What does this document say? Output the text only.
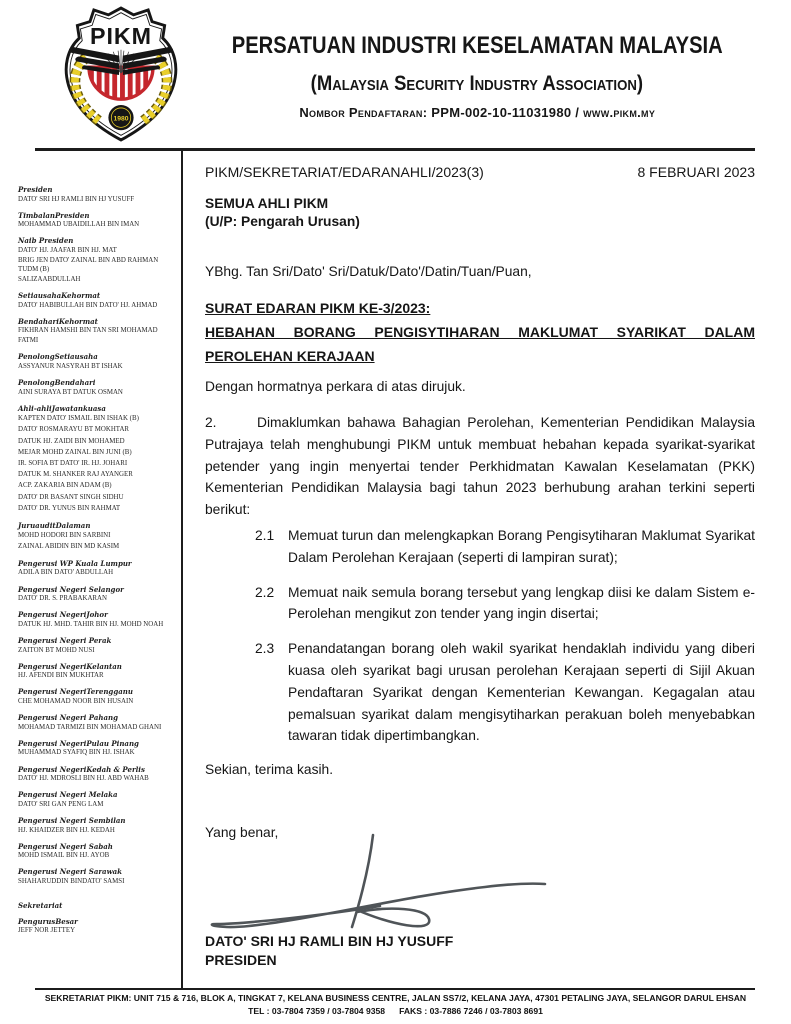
PIKM
1980
PERSATUAN INDUSTRI KESELAMATAN MALAYSIA
(Malaysia Security Industry Association)
Nombor Pendaftaran: PPM-002-10-11031980 / www.pikm.my
Presiden
DATO' SRI HJ RAMLI BIN HJ YUSUFF
TimbalanPresiden
MOHAMMAD UBAIDILLAH BIN IMAN
Naib Presiden
DATO' HJ. JAAFAR BIN HJ. MAT
BRIG JEN DATO' ZAINAL BIN ABD RAHMAN TUDM (B)
SALIZAABDULLAH
SetiausahaKehormat
DATO' HABIBULLAH BIN DATO' HJ. AHMAD
BendahariKehormat
FIKHRAN HAMSHI BIN TAN SRI MOHAMAD FATMI
PenolongSetiausaha
ASSYANUR NASYRAH BT ISHAK
PenolongBendahari
AINI SURAYA BT DATUK OSMAN
Ahli-ahliJawatankuasa
KAPTEN DATO' ISMAIL BIN ISHAK (B)
DATO' ROSMARAYU BT MOKHTAR
DATUK HJ. ZAIDI BIN MOHAMED
MEJAR MOHD ZAINAL BIN JUNI (B)
IR. SOFIA BT DATO' IR. HJ. JOHARI
DATUK M. SHANKER RAJ AYANGER
ACP. ZAKARIA BIN ADAM (B)
DATO' DR BASANT SINGH SIDHU
DATO' DR. YUNUS BIN RAHMAT
JuruauditDalaman
MOHD HODORI BIN SARBINI
ZAINAL ABIDIN BIN MD KASIM
Pengerusi WP Kuala Lumpur
ADILA BIN DATO' ABDULLAH
Pengerusi Negeri Selangor
DATO' DR. S. PRABAKARAN
Pengerusi NegeriJohor
DATUK HJ. MHD. TAHIR BIN HJ. MOHD NOAH
Pengerusi Negeri Perak
ZAITON BT MOHD NUSI
Pengerusi NegeriKelantan
HJ. AFENDI BIN MUKHTAR
Pengerusi NegeriTerengganu
CHE MOHAMAD NOOR BIN HUSAIN
Pengerusi Negeri Pahang
MOHAMAD TARMIZI BIN MOHAMAD GHANI
Pengerusi NegeriPulau Pinang
MUHAMMAD SYAFIQ BIN HJ. ISHAK
Pengerusi NegeriKedah & Perlis
DATO' HJ. MDROSLI BIN HJ. ABD WAHAB
Pengerusi Negeri Melaka
DATO' SRI GAN PENG LAM
Pengerusi Negeri Sembilan
HJ. KHAIDZER BIN HJ. KEDAH
Pengerusi Negeri Sabah
MOHD ISMAIL BIN HJ. AYOB
Pengerusi Negeri Sarawak
SHAHARUDDIN BINDATO' SAMSI
Sekretariat
PengurusBesar
JEFF NOR JETTEY
PIKM/SEKRETARIAT/EDARANAHLI/2023(3)	8 FEBRUARI 2023
SEMUA AHLI PIKM
(U/P: Pengarah Urusan)
YBhg. Tan Sri/Dato' Sri/Datuk/Dato'/Datin/Tuan/Puan,
SURAT EDARAN PIKM KE-3/2023:
HEBAHAN BORANG PENGISYTIHARAN MAKLUMAT SYARIKAT DALAM
PEROLEHAN KERAJAAN
Dengan hormatnya perkara di atas dirujuk.
2.	Dimaklumkan bahawa Bahagian Perolehan, Kementerian Pendidikan Malaysia Putrajaya telah menghubungi PIKM untuk membuat hebahan kepada syarikat-syarikat petender yang ingin menyertai tender Perkhidmatan Kawalan Keselamatan (PKK) Kementerian Pendidikan Malaysia bagi tahun 2023 berhubung arahan terkini seperti berikut:
2.1	Memuat turun dan melengkapkan Borang Pengisytiharan Maklumat Syarikat Dalam Perolehan Kerajaan (seperti di lampiran surat);
2.2	Memuat naik semula borang tersebut yang lengkap diisi ke dalam Sistem e-Perolehan mengikut zon tender yang ingin disertai;
2.3	Penandatangan borang oleh wakil syarikat hendaklah individu yang diberi kuasa oleh syarikat bagi urusan perolehan Kerajaan seperti di Sijil Akuan Pendaftaran Syarikat dengan Kementerian Kewangan. Kegagalan atau pemalsuan syarikat dalam mengisytiharkan perakuan boleh menyebabkan tawaran tidak dipertimbangkan.
Sekian, terima kasih.
Yang benar,
DATO' SRI HJ RAMLI BIN HJ YUSUFF
PRESIDEN
SEKRETARIAT PIKM: UNIT 715 & 716, BLOK A, TINGKAT 7, KELANA BUSINESS CENTRE, JALAN SS7/2, KELANA JAYA, 47301 PETALING JAYA, SELANGOR DARUL EHSAN
TEL : 03-7804 7359 / 03-7804 9358 FAKS : 03-7886 7246 / 03-7803 8691
